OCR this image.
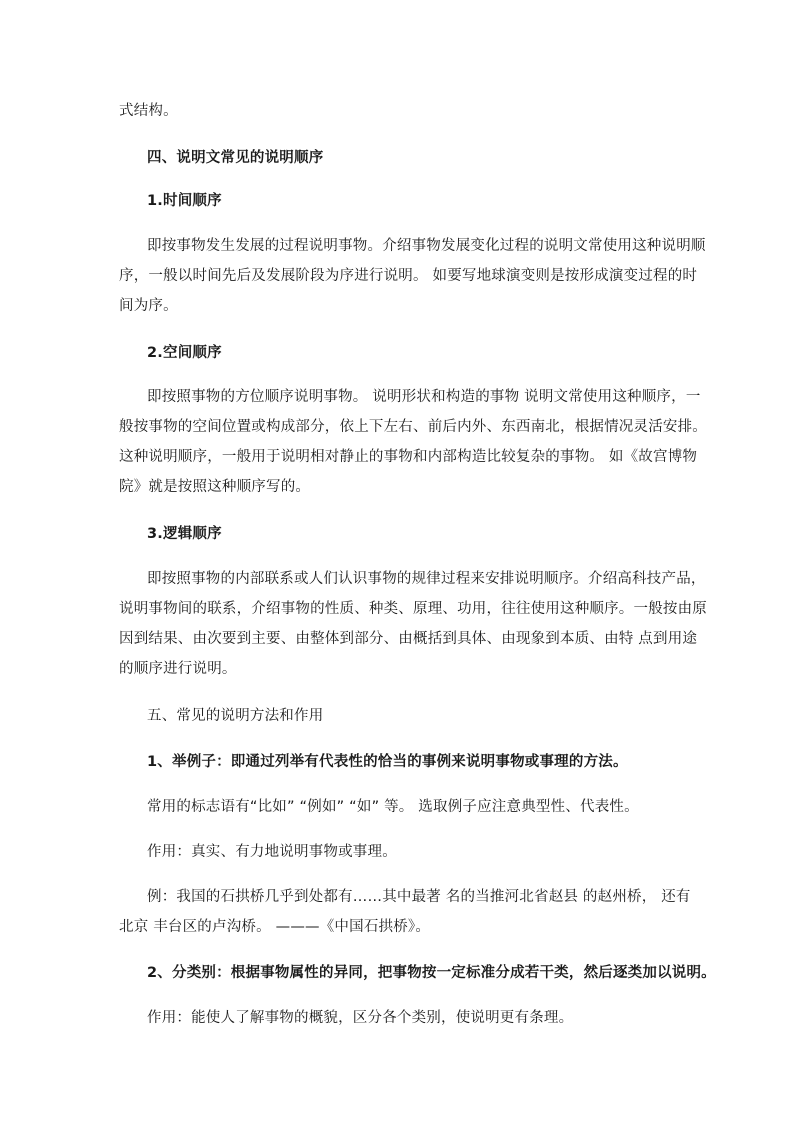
式结构。
四、说明文常见的说明顺序
1.时间顺序
即按事物发生发展的过程说明事物。介绍事物发展变化过程的说明文常使用这种说明顺
序，一般以时间先后及发展阶段为序进行说明。 如要写地球演变则是按形成演变过程的时
间为序。
2.空间顺序
即按照事物的方位顺序说明事物。 说明形状和构造的事物 说明文常使用这种顺序，一
般按事物的空间位置或构成部分，依上下左右、前后内外、东西南北，根据情况灵活安排。
这种说明顺序，一般用于说明相对静止的事物和内部构造比较复杂的事物。 如《故宫博物
院》就是按照这种顺序写的。
3.逻辑顺序
即按照事物的内部联系或人们认识事物的规律过程来安排说明顺序。介绍高科技产品，
说明事物间的联系，介绍事物的性质、种类、原理、功用，往往使用这种顺序。一般按由原
因到结果、由次要到主要、由整体到部分、由概括到具体、由现象到本质、由特 点到用途
的顺序进行说明。
五、常见的说明方法和作用
1、举例子：即通过列举有代表性的恰当的事例来说明事物或事理的方法。
常用的标志语有“比如” “例如” “如” 等。 选取例子应注意典型性、代表性。
作用：真实、有力地说明事物或事理。
例：我国的石拱桥几乎到处都有……其中最著 名的当推河北省赵县 的赵州桥， 还有
北京 丰台区的卢沟桥。 ———《中国石拱桥》。
2、分类别：根据事物属性的异同，把事物按一定标准分成若干类，然后逐类加以说明。
作用：能使人了解事物的概貌，区分各个类别，使说明更有条理。
